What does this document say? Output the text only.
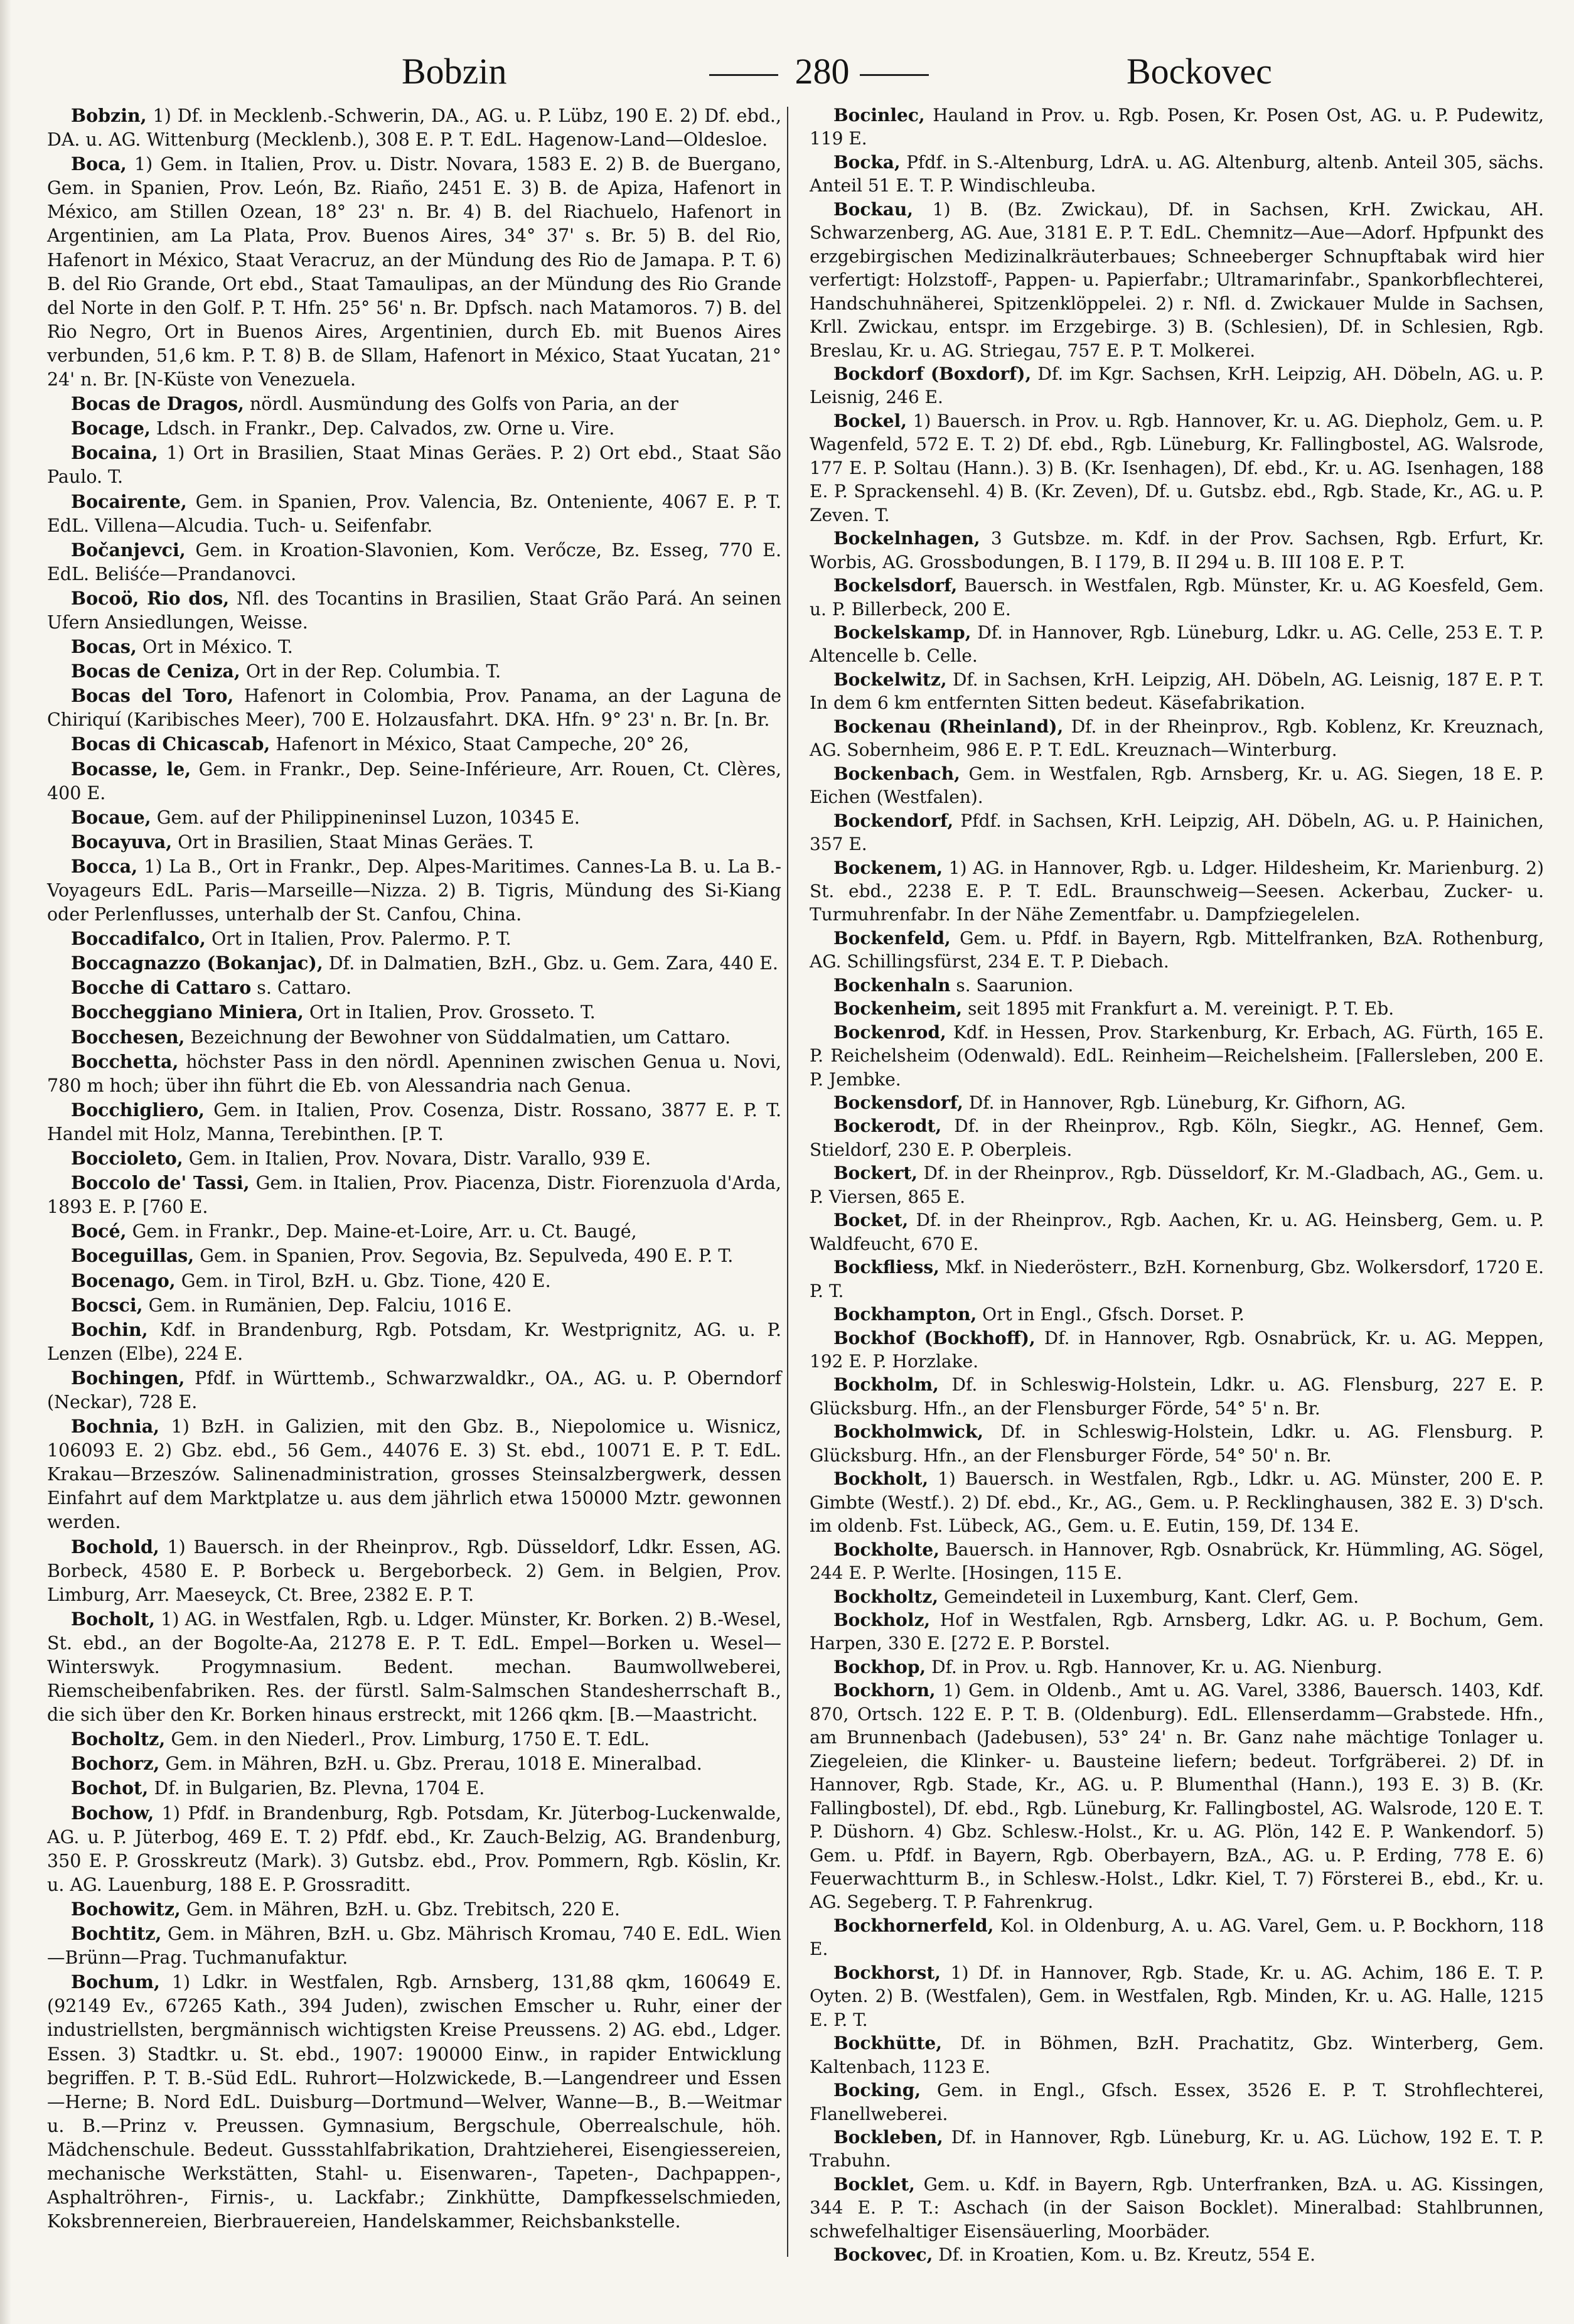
Bobzin	280	Bockovec

Bobzin, 1) Df. in Mecklenb.-Schwerin, DA., AG. u. P. Lübz, 190 E. 2) Df. ebd., DA. u. AG. Wittenburg (Mecklenb.), 308 E. P. T. EdL. Hagenow-Land—Oldesloe.

Boca, 1) Gem. in Italien, Prov. u. Distr. Novara, 1583 E. 2) B. de Buergano, Gem. in Spanien, Prov. León, Bz. Riaño, 2451 E. 3) B. de Apiza, Hafenort in México, am Stillen Ozean, 18° 23' n. Br. 4) B. del Riachuelo, Hafenort in Argentinien, am La Plata, Prov. Buenos Aires, 34° 37' s. Br. 5) B. del Rio, Hafenort in México, Staat Veracruz, an der Mündung des Rio de Jamapa. P. T. 6) B. del Rio Grande, Ort ebd., Staat Tamaulipas, an der Mündung des Rio Grande del Norte in den Golf. P. T. Hfn. 25° 56' n. Br. Dpfsch. nach Matamoros. 7) B. del Rio Negro, Ort in Buenos Aires, Argentinien, durch Eb. mit Buenos Aires verbunden, 51,6 km. P. T. 8) B. de Sllam, Hafenort in México, Staat Yucatan, 21° 24' n. Br. [N-Küste von Venezuela.

Bocas de Dragos, nördl. Ausmündung des Golfs von Paria, an der

Bocage, Ldsch. in Frankr., Dep. Calvados, zw. Orne u. Vire.

Bocaina, 1) Ort in Brasilien, Staat Minas Geräes. P. 2) Ort ebd., Staat São Paulo. T.

Bocairente, Gem. in Spanien, Prov. Valencia, Bz. Onteniente, 4067 E. P. T. EdL. Villena—Alcudia. Tuch- u. Seifenfabr.

Bočanjevci, Gem. in Kroation-Slavonien, Kom. Verőcze, Bz. Esseg, 770 E. EdL. Beliśće—Prandanovci.

Bocoö, Rio dos, Nfl. des Tocantins in Brasilien, Staat Grão Pará. An seinen Ufern Ansiedlungen, Weisse.

Bocas, Ort in México. T.

Bocas de Ceniza, Ort in der Rep. Columbia. T.

Bocas del Toro, Hafenort in Colombia, Prov. Panama, an der Laguna de Chiriquí (Karibisches Meer), 700 E. Holzausfahrt. DKA. Hfn. 9° 23' n. Br. [n. Br.

Bocas di Chicascab, Hafenort in México, Staat Campeche, 20° 26,

Bocasse, le, Gem. in Frankr., Dep. Seine-Inférieure, Arr. Rouen, Ct. Clères, 400 E.

Bocaue, Gem. auf der Philippineninsel Luzon, 10345 E.

Bocayuva, Ort in Brasilien, Staat Minas Geräes. T.

Bocca, 1) La B., Ort in Frankr., Dep. Alpes-Maritimes. Cannes-La B. u. La B.-Voyageurs EdL. Paris—Marseille—Nizza. 2) B. Tigris, Mündung des Si-Kiang oder Perlenflusses, unterhalb der St. Canfou, China.

Boccadifalco, Ort in Italien, Prov. Palermo. P. T.

Boccagnazzo (Bokanjac), Df. in Dalmatien, BzH., Gbz. u. Gem. Zara, 440 E.

Bocche di Cattaro s. Cattaro.

Boccheggiano Miniera, Ort in Italien, Prov. Grosseto. T.

Bocchesen, Bezeichnung der Bewohner von Süddalmatien, um Cattaro.

Bocchetta, höchster Pass in den nördl. Apenninen zwischen Genua u. Novi, 780 m hoch; über ihn führt die Eb. von Alessandria nach Genua.

Bocchigliero, Gem. in Italien, Prov. Cosenza, Distr. Rossano, 3877 E. P. T. Handel mit Holz, Manna, Terebinthen. [P. T.

Boccioleto, Gem. in Italien, Prov. Novara, Distr. Varallo, 939 E.

Boccolo de' Tassi, Gem. in Italien, Prov. Piacenza, Distr. Fiorenzuola d'Arda, 1893 E. P. [760 E.

Bocé, Gem. in Frankr., Dep. Maine-et-Loire, Arr. u. Ct. Baugé,

Boceguillas, Gem. in Spanien, Prov. Segovia, Bz. Sepulveda, 490 E. P. T.

Bocenago, Gem. in Tirol, BzH. u. Gbz. Tione, 420 E.

Bocsci, Gem. in Rumänien, Dep. Falciu, 1016 E.

Bochin, Kdf. in Brandenburg, Rgb. Potsdam, Kr. Westprignitz, AG. u. P. Lenzen (Elbe), 224 E.

Bochingen, Pfdf. in Württemb., Schwarzwaldkr., OA., AG. u. P. Oberndorf (Neckar), 728 E.

Bochnia, 1) BzH. in Galizien, mit den Gbz. B., Niepolomice u. Wisnicz, 106093 E. 2) Gbz. ebd., 56 Gem., 44076 E. 3) St. ebd., 10071 E. P. T. EdL. Krakau—Brzeszów. Salinenadministration, grosses Steinsalzbergwerk, dessen Einfahrt auf dem Marktplatze u. aus dem jährlich etwa 150000 Mztr. gewonnen werden.

Bochold, 1) Bauersch. in der Rheinprov., Rgb. Düsseldorf, Ldkr. Essen, AG. Borbeck, 4580 E. P. Borbeck u. Bergeborbeck. 2) Gem. in Belgien, Prov. Limburg, Arr. Maeseyck, Ct. Bree, 2382 E. P. T.

Bocholt, 1) AG. in Westfalen, Rgb. u. Ldger. Münster, Kr. Borken. 2) B.-Wesel, St. ebd., an der Bogolte-Aa, 21278 E. P. T. EdL. Empel—Borken u. Wesel—Winterswyk. Progymnasium. Bedent. mechan. Baumwollweberei, Riemscheibenfabriken. Res. der fürstl. Salm-Salmschen Standesherrschaft B., die sich über den Kr. Borken hinaus erstreckt, mit 1266 qkm. [B.—Maastricht.

Bocholtz, Gem. in den Niederl., Prov. Limburg, 1750 E. T. EdL.

Bochorz, Gem. in Mähren, BzH. u. Gbz. Prerau, 1018 E. Mineralbad.

Bochot, Df. in Bulgarien, Bz. Plevna, 1704 E.

Bochow, 1) Pfdf. in Brandenburg, Rgb. Potsdam, Kr. Jüterbog-Luckenwalde, AG. u. P. Jüterbog, 469 E. T. 2) Pfdf. ebd., Kr. Zauch-Belzig, AG. Brandenburg, 350 E. P. Grosskreutz (Mark). 3) Gutsbz. ebd., Prov. Pommern, Rgb. Köslin, Kr. u. AG. Lauenburg, 188 E. P. Grossraditt.

Bochowitz, Gem. in Mähren, BzH. u. Gbz. Trebitsch, 220 E.

Bochtitz, Gem. in Mähren, BzH. u. Gbz. Mährisch Kromau, 740 E. EdL. Wien—Brünn—Prag. Tuchmanufaktur.

Bochum, 1) Ldkr. in Westfalen, Rgb. Arnsberg, 131,88 qkm, 160649 E. (92149 Ev., 67265 Kath., 394 Juden), zwischen Emscher u. Ruhr, einer der industriellsten, bergmännisch wichtigsten Kreise Preussens. 2) AG. ebd., Ldger. Essen. 3) Stadtkr. u. St. ebd., 1907: 190000 Einw., in rapider Entwicklung begriffen. P. T. B.-Süd EdL. Ruhrort—Holzwickede, B.—Langendreer und Essen—Herne; B. Nord EdL. Duisburg—Dortmund—Welver, Wanne—B., B.—Weitmar u. B.—Prinz v. Preussen. Gymnasium, Bergschule, Oberrealschule, höh. Mädchenschule. Bedeut. Gussstahlfabrikation, Drahtzieherei, Eisengiessereien, mechanische Werkstätten, Stahl- u. Eisenwaren-, Tapeten-, Dachpappen-, Asphaltröhren-, Firnis-, u. Lackfabr.; Zinkhütte, Dampfkesselschmieden, Koksbrennereien, Bierbrauereien, Handelskammer, Reichsbankstelle.

Bocinlec, Hauland in Prov. u. Rgb. Posen, Kr. Posen Ost, AG. u. P. Pudewitz, 119 E.

Bocka, Pfdf. in S.-Altenburg, LdrA. u. AG. Altenburg, altenb. Anteil 305, sächs. Anteil 51 E. T. P. Windischleuba.

Bockau, 1) B. (Bz. Zwickau), Df. in Sachsen, KrH. Zwickau, AH. Schwarzenberg, AG. Aue, 3181 E. P. T. EdL. Chemnitz—Aue—Adorf. Hpfpunkt des erzgebirgischen Medizinalkräuterbaues; Schneeberger Schnupftabak wird hier verfertigt: Holzstoff-, Pappen- u. Papierfabr.; Ultramarinfabr., Spankorbflechterei, Handschuhnäherei, Spitzenklöppelei. 2) r. Nfl. d. Zwickauer Mulde in Sachsen, Krll. Zwickau, entspr. im Erzgebirge. 3) B. (Schlesien), Df. in Schlesien, Rgb. Breslau, Kr. u. AG. Striegau, 757 E. P. T. Molkerei.

Bockdorf (Boxdorf), Df. im Kgr. Sachsen, KrH. Leipzig, AH. Döbeln, AG. u. P. Leisnig, 246 E.

Bockel, 1) Bauersch. in Prov. u. Rgb. Hannover, Kr. u. AG. Diepholz, Gem. u. P. Wagenfeld, 572 E. T. 2) Df. ebd., Rgb. Lüneburg, Kr. Fallingbostel, AG. Walsrode, 177 E. P. Soltau (Hann.). 3) B. (Kr. Isenhagen), Df. ebd., Kr. u. AG. Isenhagen, 188 E. P. Sprackensehl. 4) B. (Kr. Zeven), Df. u. Gutsbz. ebd., Rgb. Stade, Kr., AG. u. P. Zeven. T.

Bockelnhagen, 3 Gutsbze. m. Kdf. in der Prov. Sachsen, Rgb. Erfurt, Kr. Worbis, AG. Grossbodungen, B. I 179, B. II 294 u. B. III 108 E. P. T.

Bockelsdorf, Bauersch. in Westfalen, Rgb. Münster, Kr. u. AG Koesfeld, Gem. u. P. Billerbeck, 200 E.

Bockelskamp, Df. in Hannover, Rgb. Lüneburg, Ldkr. u. AG. Celle, 253 E. T. P. Altencelle b. Celle.

Bockelwitz, Df. in Sachsen, KrH. Leipzig, AH. Döbeln, AG. Leisnig, 187 E. P. T. In dem 6 km entfernten Sitten bedeut. Käsefabrikation.

Bockenau (Rheinland), Df. in der Rheinprov., Rgb. Koblenz, Kr. Kreuznach, AG. Sobernheim, 986 E. P. T. EdL. Kreuznach—Winterburg.

Bockenbach, Gem. in Westfalen, Rgb. Arnsberg, Kr. u. AG. Siegen, 18 E. P. Eichen (Westfalen).

Bockendorf, Pfdf. in Sachsen, KrH. Leipzig, AH. Döbeln, AG. u. P. Hainichen, 357 E.

Bockenem, 1) AG. in Hannover, Rgb. u. Ldger. Hildesheim, Kr. Marienburg. 2) St. ebd., 2238 E. P. T. EdL. Braunschweig—Seesen. Ackerbau, Zucker- u. Turmuhrenfabr. In der Nähe Zementfabr. u. Dampfziegelelen.

Bockenfeld, Gem. u. Pfdf. in Bayern, Rgb. Mittelfranken, BzA. Rothenburg, AG. Schillingsfürst, 234 E. T. P. Diebach.

Bockenhaln s. Saarunion.

Bockenheim, seit 1895 mit Frankfurt a. M. vereinigt. P. T. Eb.

Bockenrod, Kdf. in Hessen, Prov. Starkenburg, Kr. Erbach, AG. Fürth, 165 E. P. Reichelsheim (Odenwald). EdL. Reinheim—Reichelsheim. [Fallersleben, 200 E. P. Jembke.

Bockensdorf, Df. in Hannover, Rgb. Lüneburg, Kr. Gifhorn, AG.

Bockerodt, Df. in der Rheinprov., Rgb. Köln, Siegkr., AG. Hennef, Gem. Stieldorf, 230 E. P. Oberpleis.

Bockert, Df. in der Rheinprov., Rgb. Düsseldorf, Kr. M.-Gladbach, AG., Gem. u. P. Viersen, 865 E.

Bocket, Df. in der Rheinprov., Rgb. Aachen, Kr. u. AG. Heinsberg, Gem. u. P. Waldfeucht, 670 E.

Bockfliess, Mkf. in Niederösterr., BzH. Kornenburg, Gbz. Wolkersdorf, 1720 E. P. T.

Bockhampton, Ort in Engl., Gfsch. Dorset. P.

Bockhof (Bockhoff), Df. in Hannover, Rgb. Osnabrück, Kr. u. AG. Meppen, 192 E. P. Horzlake.

Bockholm, Df. in Schleswig-Holstein, Ldkr. u. AG. Flensburg, 227 E. P. Glücksburg. Hfn., an der Flensburger Förde, 54° 5' n. Br.

Bockholmwick, Df. in Schleswig-Holstein, Ldkr. u. AG. Flensburg. P. Glücksburg. Hfn., an der Flensburger Förde, 54° 50' n. Br.

Bockholt, 1) Bauersch. in Westfalen, Rgb., Ldkr. u. AG. Münster, 200 E. P. Gimbte (Westf.). 2) Df. ebd., Kr., AG., Gem. u. P. Recklinghausen, 382 E. 3) D'sch. im oldenb. Fst. Lübeck, AG., Gem. u. E. Eutin, 159, Df. 134 E.

Bockholte, Bauersch. in Hannover, Rgb. Osnabrück, Kr. Hümmling, AG. Sögel, 244 E. P. Werlte. [Hosingen, 115 E.

Bockholtz, Gemeindeteil in Luxemburg, Kant. Clerf, Gem.

Bockholz, Hof in Westfalen, Rgb. Arnsberg, Ldkr. AG. u. P. Bochum, Gem. Harpen, 330 E. [272 E. P. Borstel.

Bockhop, Df. in Prov. u. Rgb. Hannover, Kr. u. AG. Nienburg.

Bockhorn, 1) Gem. in Oldenb., Amt u. AG. Varel, 3386, Bauersch. 1403, Kdf. 870, Ortsch. 122 E. P. T. B. (Oldenburg). EdL. Ellenserdamm—Grabstede. Hfn., am Brunnenbach (Jadebusen), 53° 24' n. Br. Ganz nahe mächtige Tonlager u. Ziegeleien, die Klinker- u. Bausteine liefern; bedeut. Torfgräberei. 2) Df. in Hannover, Rgb. Stade, Kr., AG. u. P. Blumenthal (Hann.), 193 E. 3) B. (Kr. Fallingbostel), Df. ebd., Rgb. Lüneburg, Kr. Fallingbostel, AG. Walsrode, 120 E. T. P. Düshorn. 4) Gbz. Schlesw.-Holst., Kr. u. AG. Plön, 142 E. P. Wankendorf. 5) Gem. u. Pfdf. in Bayern, Rgb. Oberbayern, BzA., AG. u. P. Erding, 778 E. 6) Feuerwachtturm B., in Schlesw.-Holst., Ldkr. Kiel, T. 7) Försterei B., ebd., Kr. u. AG. Segeberg. T. P. Fahrenkrug.

Bockhornerfeld, Kol. in Oldenburg, A. u. AG. Varel, Gem. u. P. Bockhorn, 118 E.

Bockhorst, 1) Df. in Hannover, Rgb. Stade, Kr. u. AG. Achim, 186 E. T. P. Oyten. 2) B. (Westfalen), Gem. in Westfalen, Rgb. Minden, Kr. u. AG. Halle, 1215 E. P. T.

Bockhütte, Df. in Böhmen, BzH. Prachatitz, Gbz. Winterberg, Gem. Kaltenbach, 1123 E.

Bocking, Gem. in Engl., Gfsch. Essex, 3526 E. P. T. Strohflechterei, Flanellweberei.

Bockleben, Df. in Hannover, Rgb. Lüneburg, Kr. u. AG. Lüchow, 192 E. T. P. Trabuhn.

Bocklet, Gem. u. Kdf. in Bayern, Rgb. Unterfranken, BzA. u. AG. Kissingen, 344 E. P. T.: Aschach (in der Saison Bocklet). Mineralbad: Stahlbrunnen, schwefelhaltiger Eisensäuerling, Moorbäder.

Bockovec, Df. in Kroatien, Kom. u. Bz. Kreutz, 554 E.
